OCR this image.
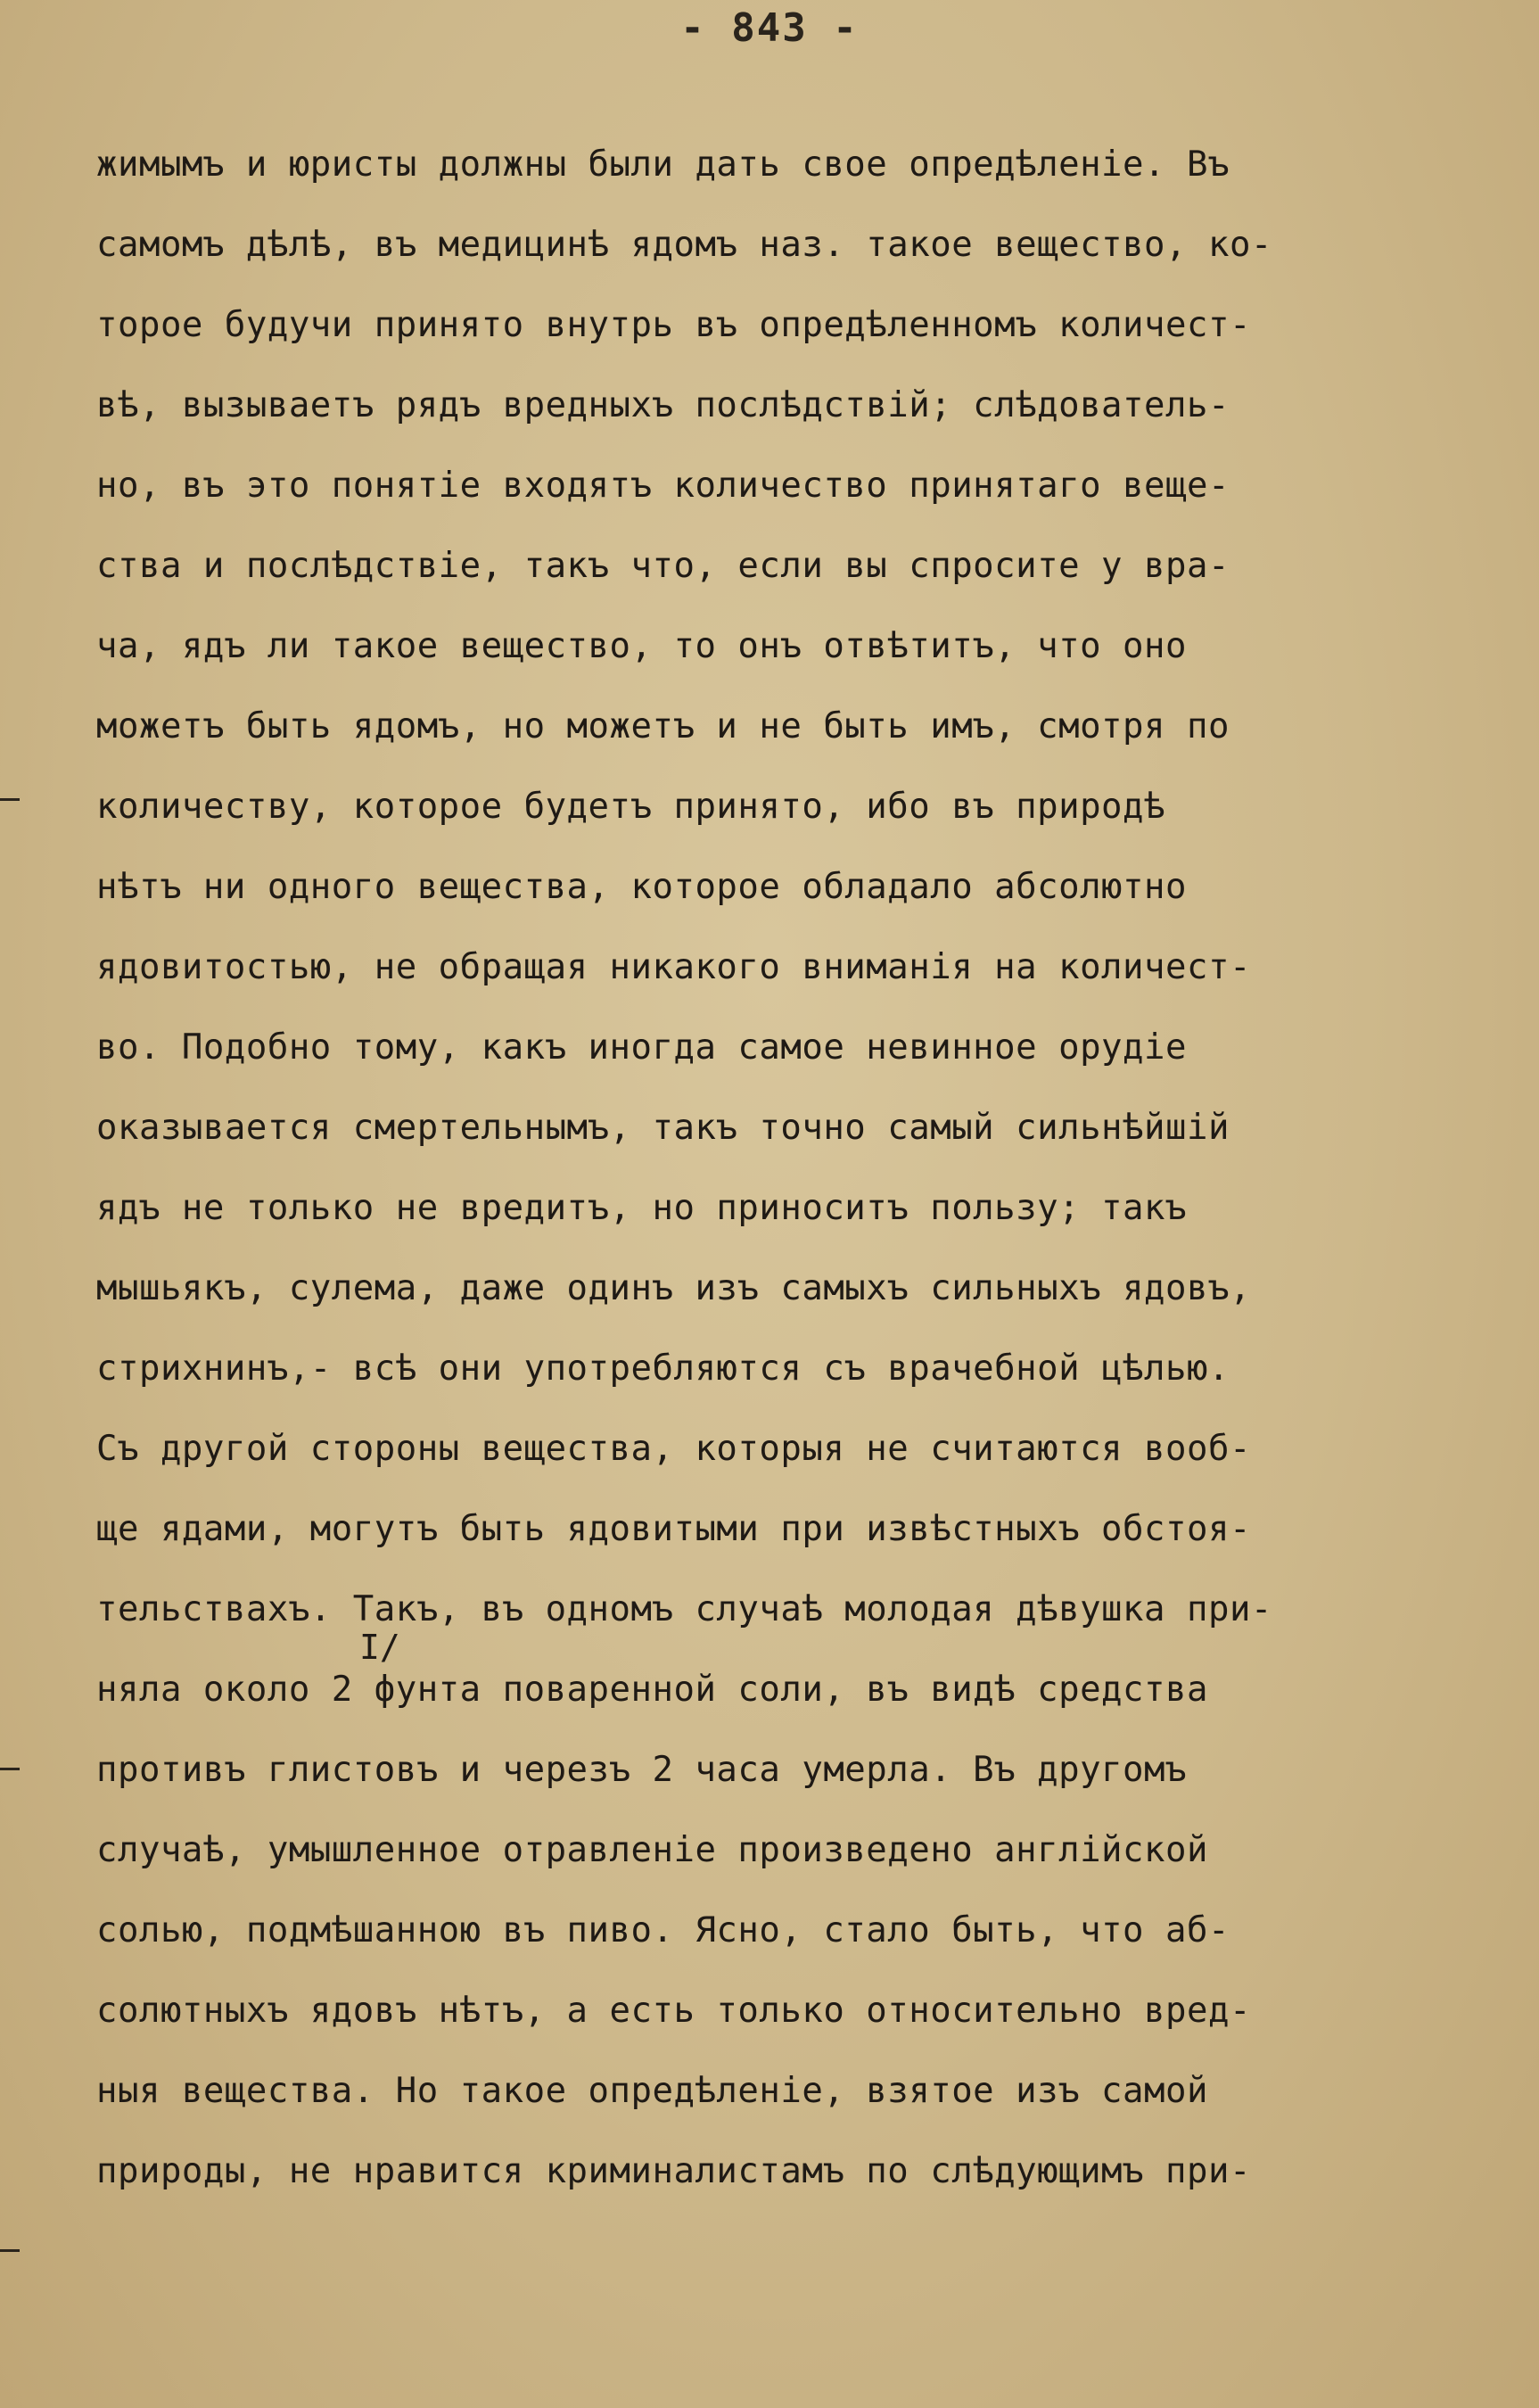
- 843 -
жимымъ и юристы должны были дать свое опредѣленіе. Въ
самомъ дѣлѣ, въ медицинѣ ядомъ наз. такое вещество, ко-
торое будучи принято внутрь въ опредѣленномъ количест-
вѣ, вызываетъ рядъ вредныхъ послѣдствій; слѣдователь-
но, въ это понятіе входятъ количество принятаго веще-
ства и послѣдствіе, такъ что, если вы спросите у вра-
ча, ядъ ли такое вещество, то онъ отвѣтитъ, что оно
можетъ быть ядомъ, но можетъ и не быть имъ, смотря по
количеству, которое будетъ принято, ибо въ природѣ
нѣтъ ни одного вещества, которое обладало абсолютно
ядовитостью, не обращая никакого вниманія на количест-
во. Подобно тому, какъ иногда самое невинное орудіе
оказывается смертельнымъ, такъ точно самый сильнѣйшій
ядъ не только не вредитъ, но приноситъ пользу; такъ
мышьякъ, сулема, даже одинъ изъ самыхъ сильныхъ ядовъ,
стрихнинъ,- всѣ они употребляются съ врачебной цѣлью.
Съ другой стороны вещества, которыя не считаются вооб-
ще ядами, могутъ быть ядовитыми при извѣстныхъ обстоя-
тельствахъ. Такъ, въ одномъ случаѣ молодая дѣвушка при-
няла около 2 фунта поваренной соли, въ видѣ средства
противъ глистовъ и черезъ 2 часа умерла. Въ другомъ
случаѣ, умышленное отравленіе произведено англійской
солью, подмѣшанною въ пиво. Ясно, стало быть, что аб-
солютныхъ ядовъ нѣтъ, а есть только относительно вред-
ныя вещества. Но такое опредѣленіе, взятое изъ самой
природы, не нравится криминалистамъ по слѣдующимъ при-
I/
